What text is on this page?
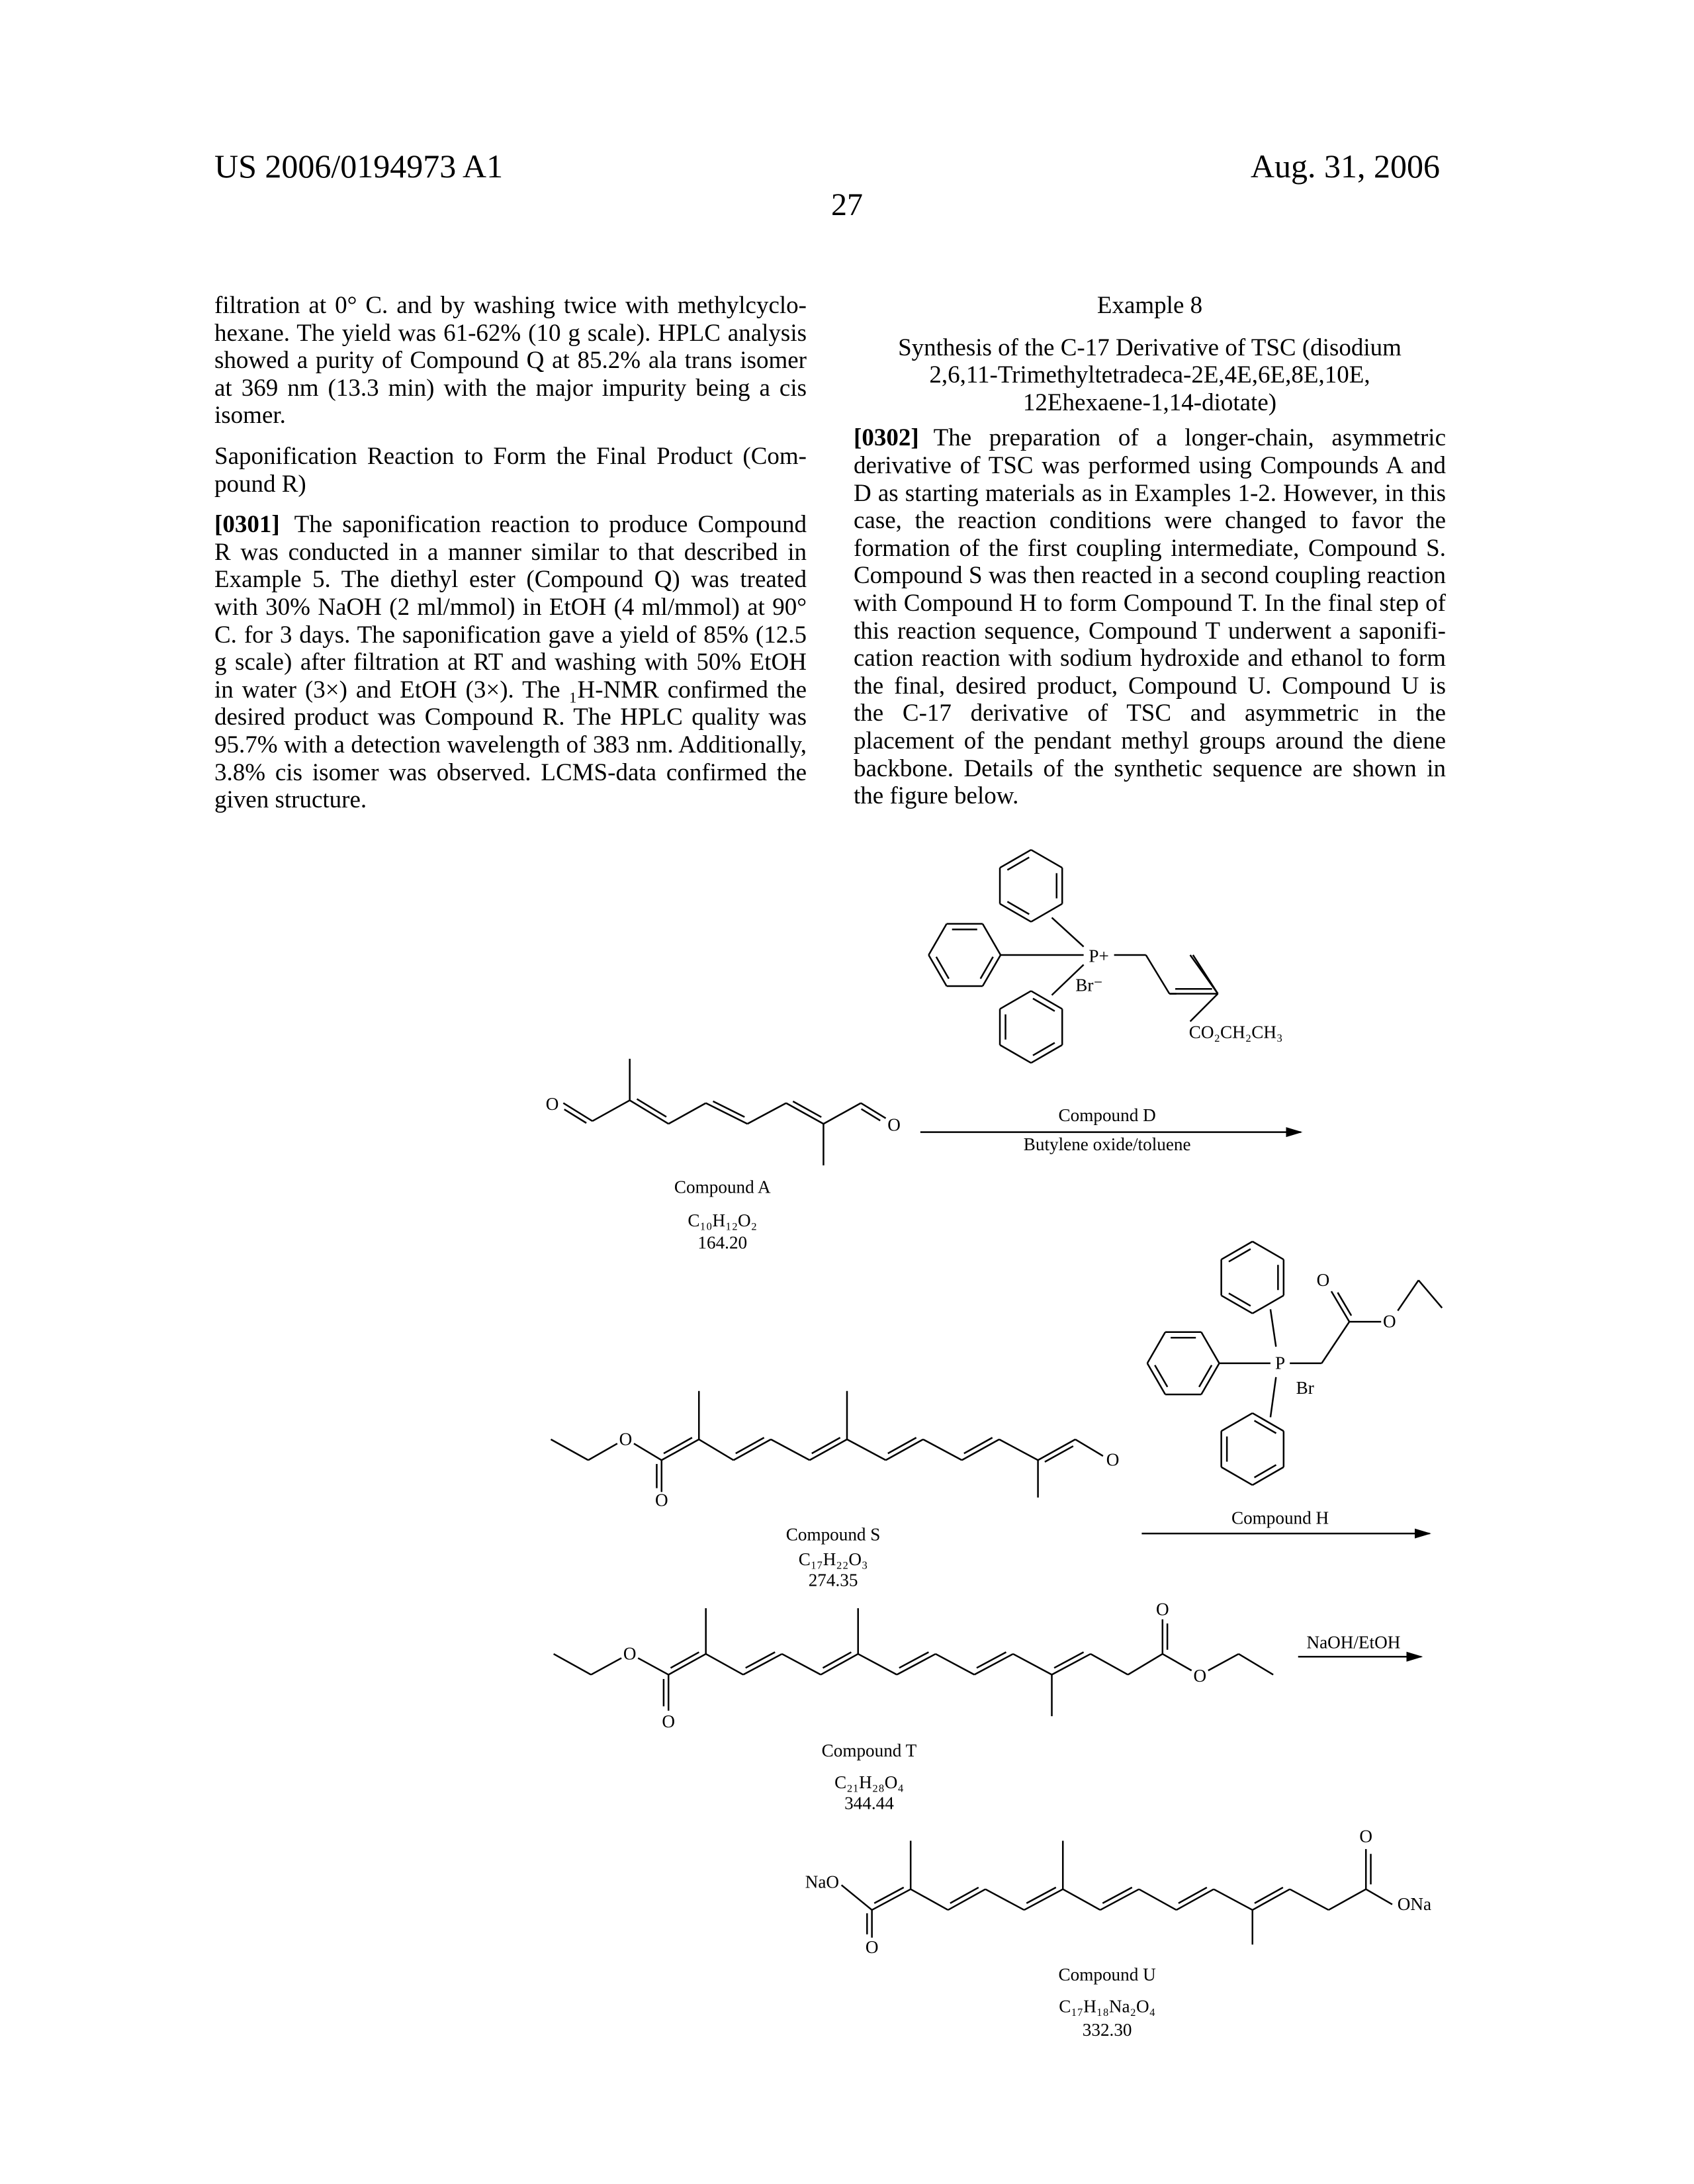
US 2006/0194973 A1	Aug. 31, 2006
27

filtration at 0° C. and by washing twice with methylcyclo-hexane. The yield was 61-62% (10 g scale). HPLC analysis showed a purity of Compound Q at 85.2% ala trans isomer at 369 nm (13.3 min) with the major impurity being a cis isomer.

Saponification Reaction to Form the Final Product (Com-pound R)

[0301] The saponification reaction to produce Compound R was conducted in a manner similar to that described in Example 5. The diethyl ester (Compound Q) was treated with 30% NaOH (2 ml/mmol) in EtOH (4 ml/mmol) at 90° C. for 3 days. The saponification gave a yield of 85% (12.5 g scale) after filtration at RT and washing with 50% EtOH in water (3×) and EtOH (3×). The ₁H-NMR confirmed the desired product was Compound R. The HPLC quality was 95.7% with a detection wavelength of 383 nm. Additionally, 3.8% cis isomer was observed. LCMS-data confirmed the given structure.

Example 8

Synthesis of the C-17 Derivative of TSC (disodium

2,6,11-Trimethyltetradeca-2E,4E,6E,8E,10E,

12Ehexaene-1,14-diotate)

[0302] The preparation of a longer-chain, asymmetric derivative of TSC was performed using Compounds A and D as starting materials as in Examples 1-2. However, in this case, the reaction conditions were changed to favor the formation of the first coupling intermediate, Compound S. Compound S was then reacted in a second coupling reaction with Compound H to form Compound T. In the final step of this reaction sequence, Compound T underwent a saponifi-cation reaction with sodium hydroxide and ethanol to form the final, desired product, Compound U. Compound U is the C-17 derivative of TSC and asymmetric in the placement of the pendant methyl groups around the diene backbone. Details of the synthetic sequence are shown in the figure below.

P+
Br⁻
CO₂CH₂CH₃
O
O
Compound A
C₁₀H₁₂O₂
164.20
Compound D
Butylene oxide/toluene
P
Br
O
O
O
O
O
Compound S
C₁₇H₂₂O₃
274.35
Compound H
O
O
O
O
Compound T
C₂₁H₂₈O₄
344.44
NaOH/EtOH
NaO
O
O
ONa
Compound U
C₁₇H₁₈Na₂O₄
332.30
